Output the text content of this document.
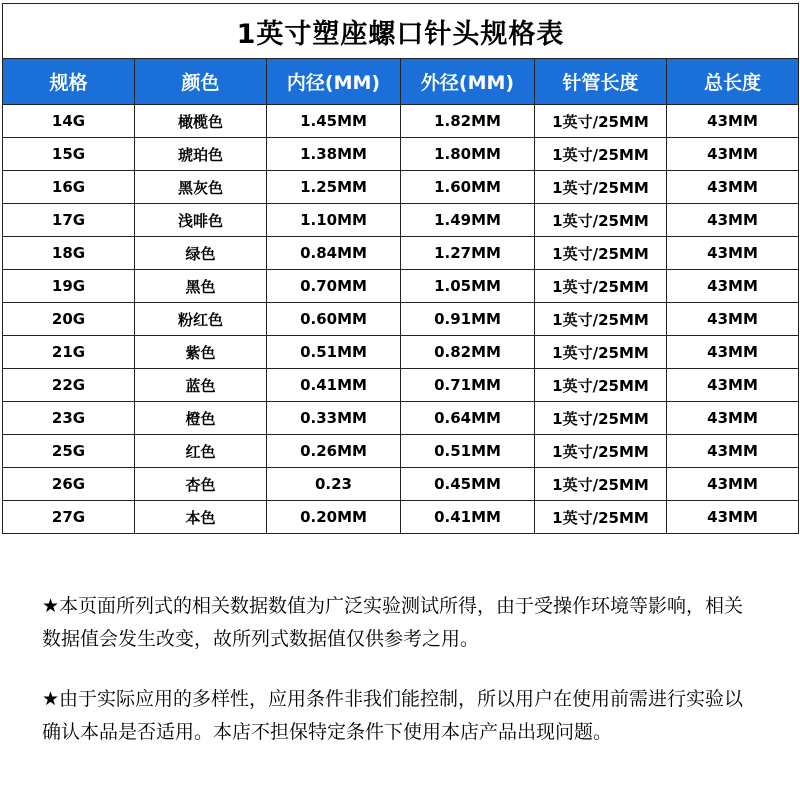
1英寸塑座螺口针头规格表					
规格	颜色	内径(MM)	外径(MM)	针管长度	总长度
14G	橄榄色	1.45MM	1.82MM	1英寸/25MM	43MM
15G	琥珀色	1.38MM	1.80MM	1英寸/25MM	43MM
16G	黑灰色	1.25MM	1.60MM	1英寸/25MM	43MM
17G	浅啡色	1.10MM	1.49MM	1英寸/25MM	43MM
18G	绿色	0.84MM	1.27MM	1英寸/25MM	43MM
19G	黑色	0.70MM	1.05MM	1英寸/25MM	43MM
20G	粉红色	0.60MM	0.91MM	1英寸/25MM	43MM
21G	紫色	0.51MM	0.82MM	1英寸/25MM	43MM
22G	蓝色	0.41MM	0.71MM	1英寸/25MM	43MM
23G	橙色	0.33MM	0.64MM	1英寸/25MM	43MM
25G	红色	0.26MM	0.51MM	1英寸/25MM	43MM
26G	杏色	0.23	0.45MM	1英寸/25MM	43MM
27G	本色	0.20MM	0.41MM	1英寸/25MM	43MM

★本页面所列式的相关数据数值为广泛实验测试所得，由于受操作环境等影响，相关数据值会发生改变，故所列式数据值仅供参考之用。

★由于实际应用的多样性，应用条件非我们能控制，所以用户在使用前需进行实验以确认本品是否适用。本店不担保特定条件下使用本店产品出现问题。
